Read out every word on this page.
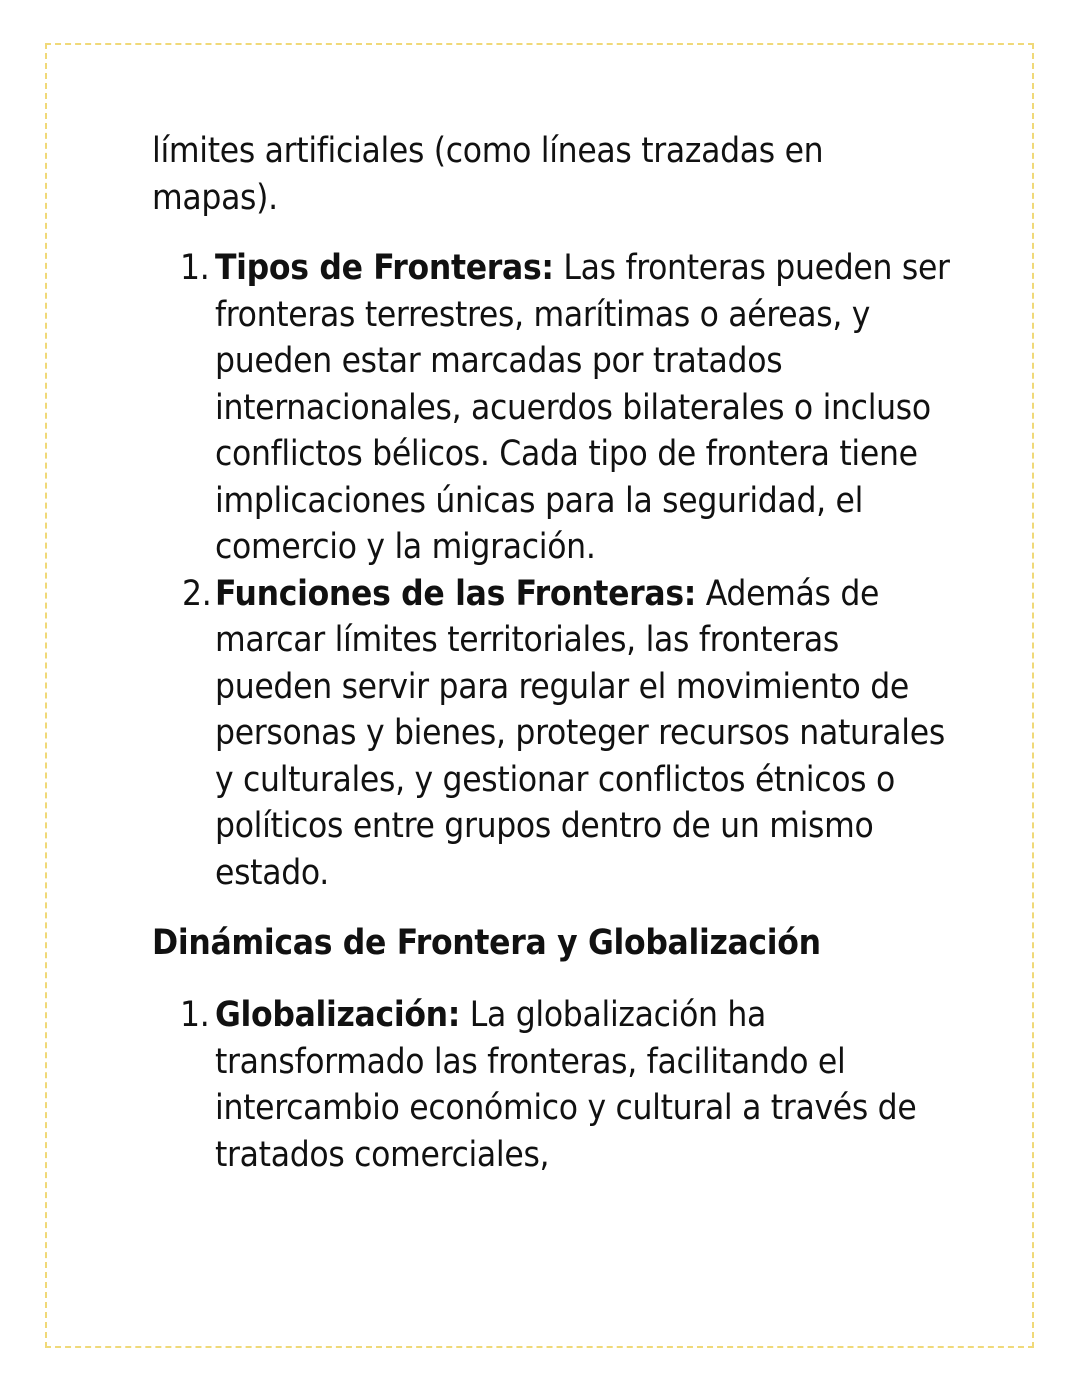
límites artificiales (como líneas trazadas en mapas).

1. Tipos de Fronteras: Las fronteras pueden ser fronteras terrestres, marítimas o aéreas, y pueden estar marcadas por tratados internacionales, acuerdos bilaterales o incluso conflictos bélicos. Cada tipo de frontera tiene implicaciones únicas para la seguridad, el comercio y la migración.
2. Funciones de las Fronteras: Además de marcar límites territoriales, las fronteras pueden servir para regular el movimiento de personas y bienes, proteger recursos naturales y culturales, y gestionar conflictos étnicos o políticos entre grupos dentro de un mismo estado.

Dinámicas de Frontera y Globalización

1. Globalización: La globalización ha transformado las fronteras, facilitando el intercambio económico y cultural a través de tratados comerciales,
